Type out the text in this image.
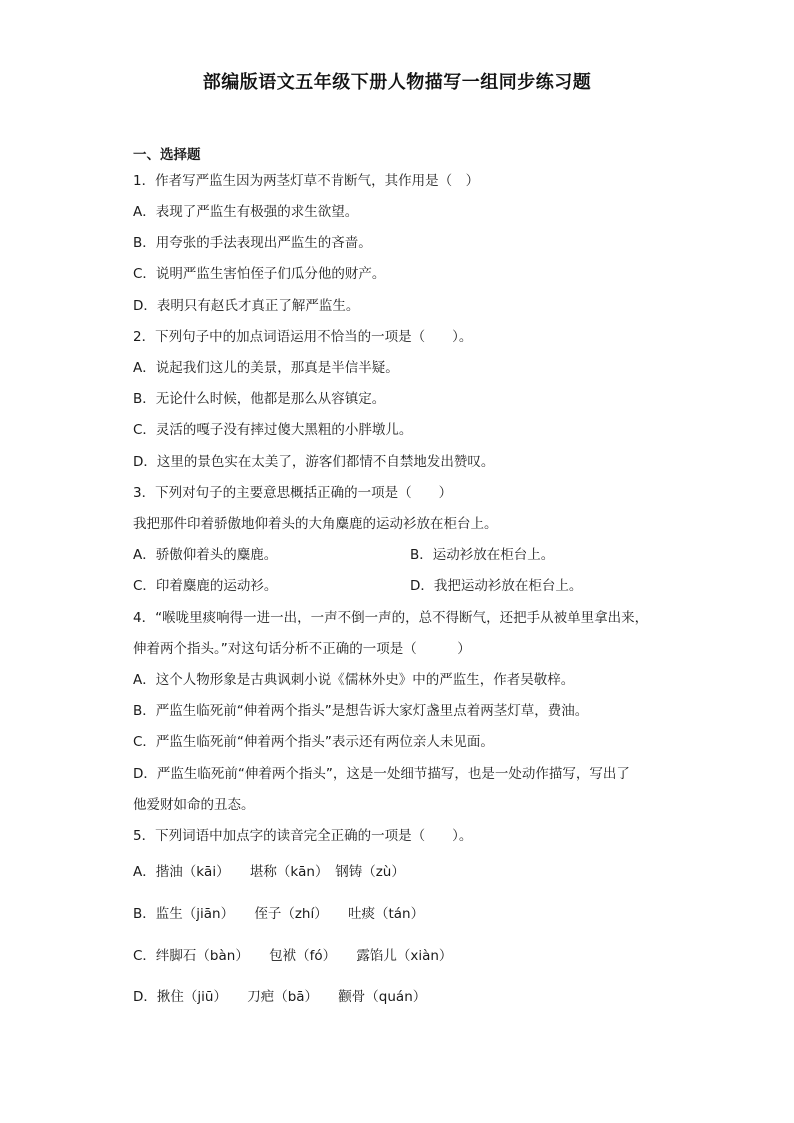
部编版语文五年级下册人物描写一组同步练习题
一、选择题
1．作者写严监生因为两茎灯草不肯断气，其作用是（　）
A．表现了严监生有极强的求生欲望。
B．用夸张的手法表现出严监生的吝啬。
C．说明严监生害怕侄子们瓜分他的财产。
D．表明只有赵氏才真正了解严监生。
2．下列句子中的加点词语运用不恰当的一项是（　　）。
A．说起我们这儿的美景，那真是半信半疑。
B．无论什么时候，他都是那么从容镇定。
C．灵活的嘎子没有摔过傻大黑粗的小胖墩儿。
D．这里的景色实在太美了，游客们都情不自禁地发出赞叹。
3．下列对句子的主要意思概括正确的一项是（　　）
我把那件印着骄傲地仰着头的大角麋鹿的运动衫放在柜台上。
A．骄傲仰着头的麋鹿。	B．运动衫放在柜台上。
C．印着麋鹿的运动衫。	D．我把运动衫放在柜台上。
4．“喉咙里痰响得一进一出，一声不倒一声的，总不得断气，还把手从被单里拿出来，
伸着两个指头。”对这句话分析不正确的一项是（　　　）
A．这个人物形象是古典讽刺小说《儒林外史》中的严监生，作者吴敬梓。
B．严监生临死前“伸着两个指头”是想告诉大家灯盏里点着两茎灯草，费油。
C．严监生临死前“伸着两个指头”表示还有两位亲人未见面。
D．严监生临死前“伸着两个指头”，这是一处细节描写，也是一处动作描写，写出了
他爱财如命的丑态。
5．下列词语中加点字的读音完全正确的一项是（　　）。
A．揩油（kāi）　　堪称（kān）　钢铸（zù）
B．监生（jiān）　　侄子（zhí）　　吐痰（tán）
C．绊脚石（bàn）　　包袱（fó）　　露馅儿（xiàn）
D．揪住（jiū）　　刀疤（bā）　　颧骨（quán）
